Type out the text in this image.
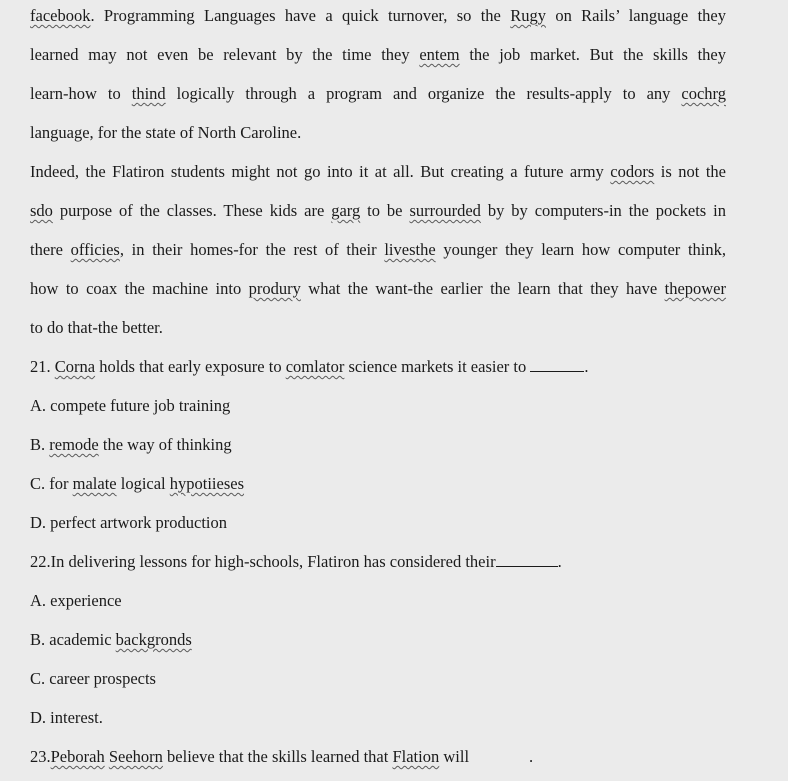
facebook. Programming Languages have a quick turnover, so the Rugy on Rails’ language they
learned may not even be relevant by the time they entem the job market. But the skills they
learn-how to thind logically through a program and organize the results-apply to any cochrg
language, for the state of North Caroline.
Indeed, the Flatiron students might not go into it at all. But creating a future army codors is not the
sdo purpose of the classes. These kids are garg to be surrourded by by computers-in the pockets in
there officies, in their homes-for the rest of their livesthe younger they learn how computer think,
how to coax the machine into produry what the want-the earlier the learn that they have thepower
to do that-the better.
21. Corna holds that early exposure to comlator science markets it easier to	.
A. compete future job training
B. remode the way of thinking
C. for malate logical hypotiieses
D. perfect artwork production
22.In delivering lessons for high-schools, Flatiron has considered their	.
A. experience
B. academic backgronds
C. career prospects
D. interest.
23.Peborah Seehorn believe that the skills learned that Flation will	.
